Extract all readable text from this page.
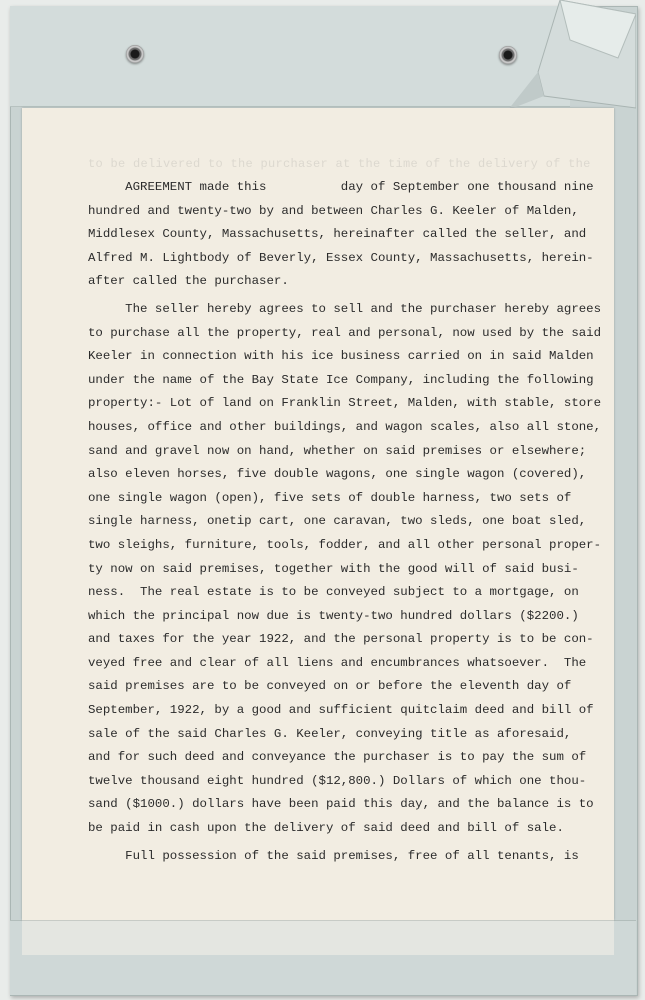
to be delivered to the purchaser at the time of the delivery of the
AGREEMENT made this          day of September one thousand nine
hundred and twenty-two by and between Charles G. Keeler of Malden,
Middlesex County, Massachusetts, hereinafter called the seller, and
Alfred M. Lightbody of Beverly, Essex County, Massachusetts, herein-
after called the purchaser.
The seller hereby agrees to sell and the purchaser hereby agrees
to purchase all the property, real and personal, now used by the said
Keeler in connection with his ice business carried on in said Malden
under the name of the Bay State Ice Company, including the following
property:- Lot of land on Franklin Street, Malden, with stable, store
houses, office and other buildings, and wagon scales, also all stone,
sand and gravel now on hand, whether on said premises or elsewhere;
also eleven horses, five double wagons, one single wagon (covered),
one single wagon (open), five sets of double harness, two sets of
single harness, onetip cart, one caravan, two sleds, one boat sled,
two sleighs, furniture, tools, fodder, and all other personal proper-
ty now on said premises, together with the good will of said busi-
ness.  The real estate is to be conveyed subject to a mortgage, on
which the principal now due is twenty-two hundred dollars ($2200.)
and taxes for the year 1922, and the personal property is to be con-
veyed free and clear of all liens and encumbrances whatsoever.  The
said premises are to be conveyed on or before the eleventh day of
September, 1922, by a good and sufficient quitclaim deed and bill of
sale of the said Charles G. Keeler, conveying title as aforesaid,
and for such deed and conveyance the purchaser is to pay the sum of
twelve thousand eight hundred ($12,800.) Dollars of which one thou-
sand ($1000.) dollars have been paid this day, and the balance is to
be paid in cash upon the delivery of said deed and bill of sale.
Full possession of the said premises, free of all tenants, is
